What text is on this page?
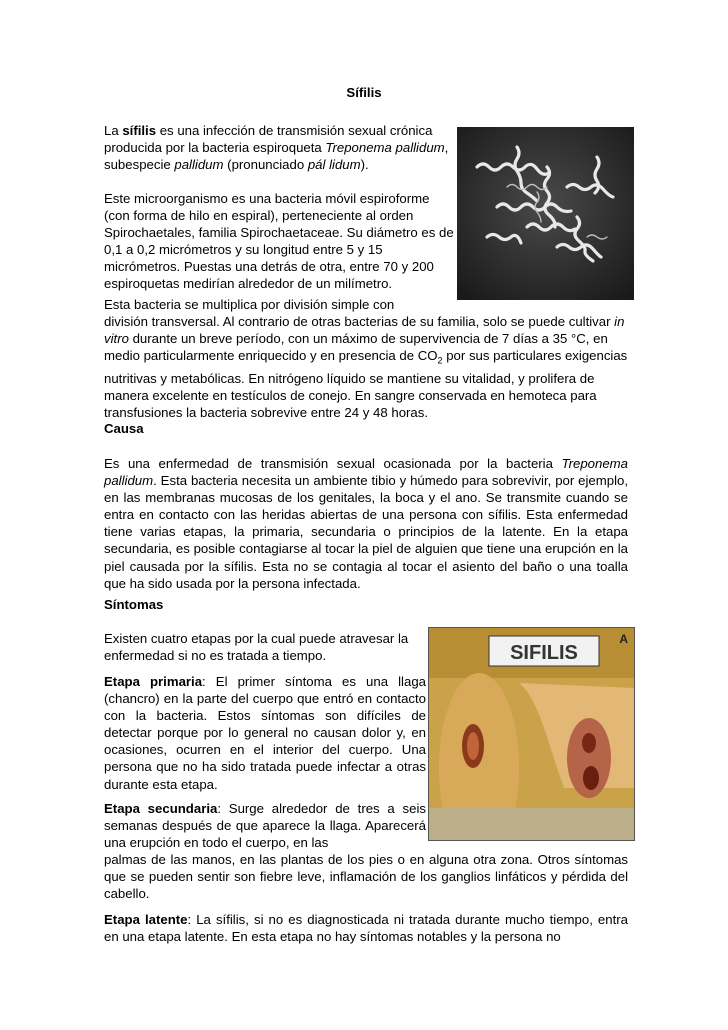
Sífilis
La sífilis es una infección de transmisión sexual crónica producida por la bacteria espiroqueta Treponema pallidum, subespecie pallidum (pronunciado pál lidum).
Este microorganismo es una bacteria móvil espiroforme (con forma de hilo en espiral), perteneciente al orden Spirochaetales, familia Spirochaetaceae. Su diámetro es de 0,1 a 0,2 micrómetros y su longitud entre 5 y 15 micrómetros. Puestas una detrás de otra, entre 70 y 200 espiroquetas medirían alrededor de un milímetro.
Esta bacteria se multiplica por división simple con
división transversal. Al contrario de otras bacterias de su familia, solo se puede cultivar in vitro durante un breve período, con un máximo de supervivencia de 7 días a 35 °C, en medio particularmente enriquecido y en presencia de $CO_2$ por sus particulares exigencias nutritivas y metabólicas. En nitrógeno líquido se mantiene su vitalidad, y prolifera de manera excelente en testículos de conejo. En sangre conservada en hemoteca para transfusiones la bacteria sobrevive entre 24 y 48 horas.
Causa
Es una enfermedad de transmisión sexual ocasionada por la bacteria Treponema pallidum. Esta bacteria necesita un ambiente tibio y húmedo para sobrevivir, por ejemplo, en las membranas mucosas de los genitales, la boca y el ano. Se transmite cuando se entra en contacto con las heridas abiertas de una persona con sífilis. Esta enfermedad tiene varias etapas, la primaria, secundaria o principios de la latente. En la etapa secundaria, es posible contagiarse al tocar la piel de alguien que tiene una erupción en la piel causada por la sífilis. Esta no se contagia al tocar el asiento del baño o una toalla que ha sido usada por la persona infectada.
Síntomas
Existen cuatro etapas por la cual puede atravesar la enfermedad si no es tratada a tiempo.
Etapa primaria: El primer síntoma es una llaga (chancro) en la parte del cuerpo que entró en contacto con la bacteria. Estos síntomas son difíciles de detectar porque por lo general no causan dolor y, en ocasiones, ocurren en el interior del cuerpo. Una persona que no ha sido tratada puede infectar a otras durante esta etapa.
Etapa secundaria: Surge alrededor de tres a seis semanas después de que aparece la llaga. Aparecerá una erupción en todo el cuerpo, en las
palmas de las manos, en las plantas de los pies o en alguna otra zona. Otros síntomas que se pueden sentir son fiebre leve, inflamación de los ganglios linfáticos y pérdida del cabello.
Etapa latente: La sífilis, si no es diagnosticada ni tratada durante mucho tiempo, entra en una etapa latente. En esta etapa no hay síntomas notables y la persona no
SIFILIS
A
